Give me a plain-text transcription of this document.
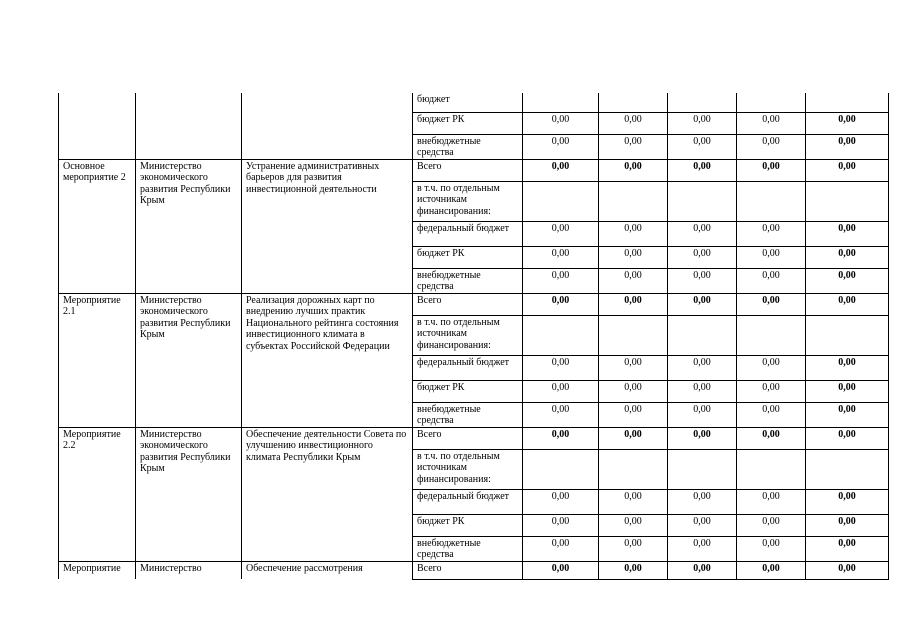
			бюджет					
			бюджет РК	0,00	0,00	0,00	0,00	0,00
			внебюджетные средства	0,00	0,00	0,00	0,00	0,00
Основное мероприятие 2	Министерство экономического развития Республики Крым	Устранение административных барьеров для развития инвестиционной деятельности	Всего	0,00	0,00	0,00	0,00	0,00
			в т.ч. по отдельным источникам финансирования:					
			федеральный бюджет	0,00	0,00	0,00	0,00	0,00
			бюджет РК	0,00	0,00	0,00	0,00	0,00
			внебюджетные средства	0,00	0,00	0,00	0,00	0,00
Мероприятие 2.1	Министерство экономического развития Республики Крым	Реализация дорожных карт по внедрению лучших практик Национального рейтинга состояния инвестиционного климата в субъектах Российской Федерации	Всего	0,00	0,00	0,00	0,00	0,00
			в т.ч. по отдельным источникам финансирования:					
			федеральный бюджет	0,00	0,00	0,00	0,00	0,00
			бюджет РК	0,00	0,00	0,00	0,00	0,00
			внебюджетные средства	0,00	0,00	0,00	0,00	0,00
Мероприятие 2.2	Министерство экономического развития Республики Крым	Обеспечение деятельности Совета по улучшению инвестиционного климата Республики Крым	Всего	0,00	0,00	0,00	0,00	0,00
			в т.ч. по отдельным источникам финансирования:					
			федеральный бюджет	0,00	0,00	0,00	0,00	0,00
			бюджет РК	0,00	0,00	0,00	0,00	0,00
			внебюджетные средства	0,00	0,00	0,00	0,00	0,00
Мероприятие	Министерство	Обеспечение рассмотрения	Всего	0,00	0,00	0,00	0,00	0,00
